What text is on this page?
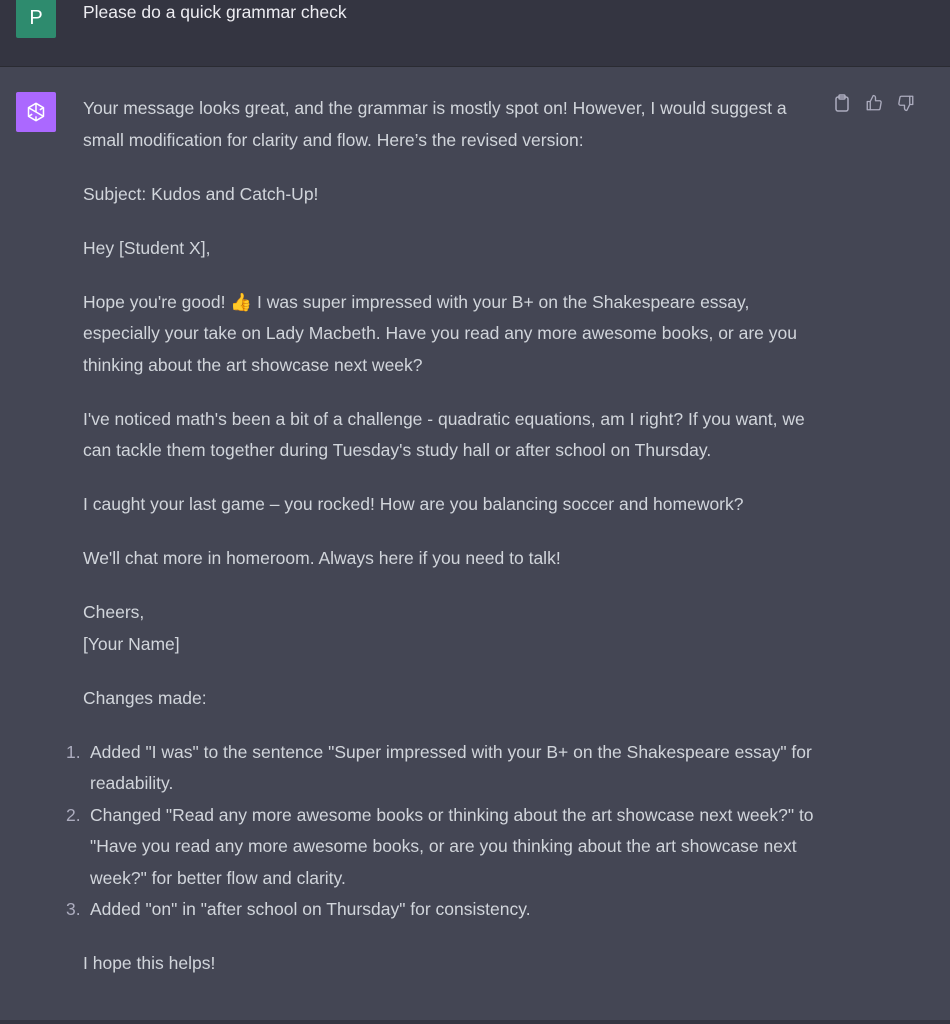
P	Please do a quick grammar check

Your message looks great, and the grammar is mostly spot on! However, I would suggest a small modification for clarity and flow. Here’s the revised version:

Subject: Kudos and Catch-Up!

Hey [Student X],

Hope you're good! 👍 I was super impressed with your B+ on the Shakespeare essay, especially your take on Lady Macbeth. Have you read any more awesome books, or are you thinking about the art showcase next week?

I've noticed math's been a bit of a challenge - quadratic equations, am I right? If you want, we can tackle them together during Tuesday's study hall or after school on Thursday.

I caught your last game – you rocked! How are you balancing soccer and homework?

We'll chat more in homeroom. Always here if you need to talk!

Cheers,
[Your Name]

Changes made:

1. Added "I was" to the sentence "Super impressed with your B+ on the Shakespeare essay" for readability.
2. Changed "Read any more awesome books or thinking about the art showcase next week?" to "Have you read any more awesome books, or are you thinking about the art showcase next week?" for better flow and clarity.
3. Added "on" in "after school on Thursday" for consistency.

I hope this helps!
